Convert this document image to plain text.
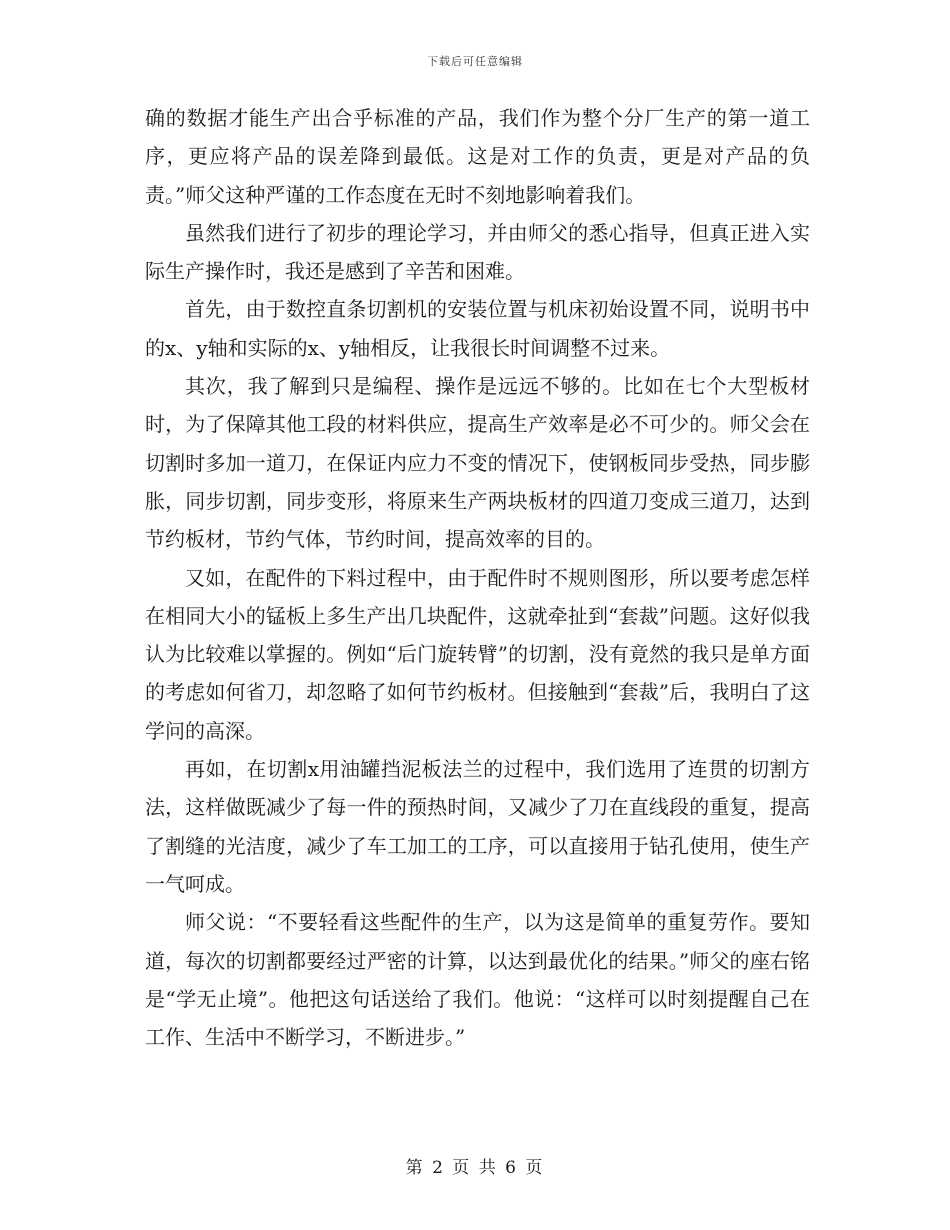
下载后可任意编辑

确的数据才能生产出合乎标准的产品，我们作为整个分厂生产的第一道工序，更应将产品的误差降到最低。这是对工作的负责，更是对产品的负责。”师父这种严谨的工作态度在无时不刻地影响着我们。

虽然我们进行了初步的理论学习，并由师父的悉心指导，但真正进入实际生产操作时，我还是感到了辛苦和困难。

首先，由于数控直条切割机的安装位置与机床初始设置不同，说明书中的x、y轴和实际的x、y轴相反，让我很长时间调整不过来。

其次，我了解到只是编程、操作是远远不够的。比如在七个大型板材时，为了保障其他工段的材料供应，提高生产效率是必不可少的。师父会在切割时多加一道刀，在保证内应力不变的情况下，使钢板同步受热，同步膨胀，同步切割，同步变形，将原来生产两块板材的四道刀变成三道刀，达到节约板材，节约气体，节约时间，提高效率的目的。

又如，在配件的下料过程中，由于配件时不规则图形，所以要考虑怎样在相同大小的锰板上多生产出几块配件，这就牵扯到“套裁”问题。这好似我认为比较难以掌握的。例如“后门旋转臂”的切割，没有竟然的我只是单方面的考虑如何省刀，却忽略了如何节约板材。但接触到“套裁”后，我明白了这学问的高深。

再如，在切割x用油罐挡泥板法兰的过程中，我们选用了连贯的切割方法，这样做既减少了每一件的预热时间，又减少了刀在直线段的重复，提高了割缝的光洁度，减少了车工加工的工序，可以直接用于钻孔使用，使生产一气呵成。

师父说：“不要轻看这些配件的生产，以为这是简单的重复劳作。要知道，每次的切割都要经过严密的计算，以达到最优化的结果。”师父的座右铭是“学无止境”。他把这句话送给了我们。他说：“这样可以时刻提醒自己在工作、生活中不断学习，不断进步。”

第 2 页 共 6 页
